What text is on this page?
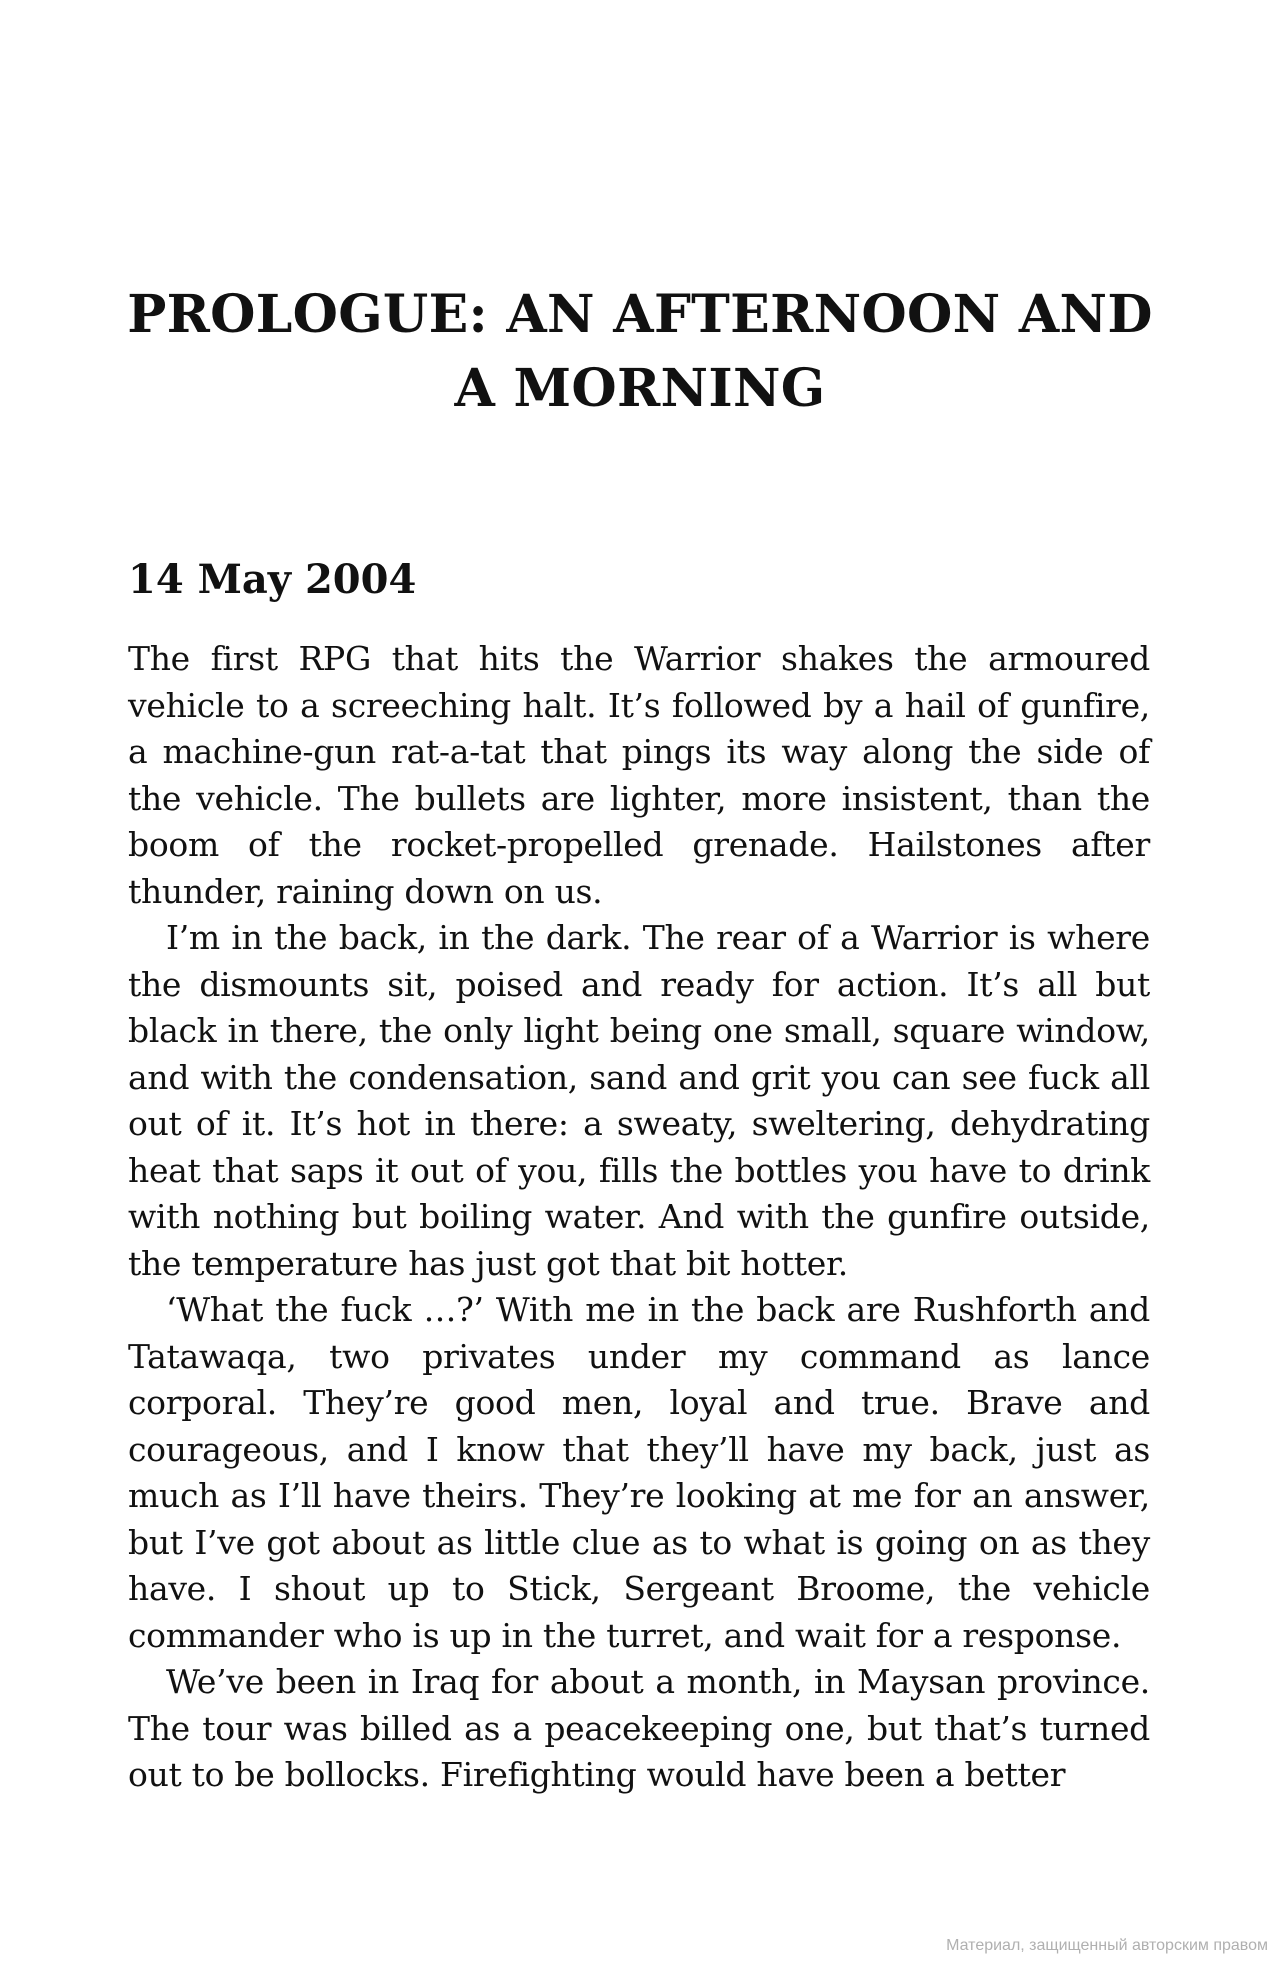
PROLOGUE: AN AFTERNOON AND A MORNING
14 May 2004

The first RPG that hits the Warrior shakes the armoured vehicle to a screeching halt. It’s followed by a hail of gunfire, a machine-gun rat-a-tat that pings its way along the side of the vehicle. The bullets are lighter, more insistent, than the boom of the rocket-propelled grenade. Hailstones after thunder, raining down on us.

I’m in the back, in the dark. The rear of a Warrior is where the dismounts sit, poised and ready for action. It’s all but black in there, the only light being one small, square window, and with the condensation, sand and grit you can see fuck all out of it. It’s hot in there: a sweaty, sweltering, dehydrating heat that saps it out of you, fills the bottles you have to drink with nothing but boiling water. And with the gunfire outside, the temperature has just got that bit hotter.

‘What the fuck …?’ With me in the back are Rushforth and Tatawaqa, two privates under my command as lance corporal. They’re good men, loyal and true. Brave and courageous, and I know that they’ll have my back, just as much as I’ll have theirs. They’re looking at me for an answer, but I’ve got about as little clue as to what is going on as they have. I shout up to Stick, Sergeant Broome, the vehicle commander who is up in the turret, and wait for a response.

We’ve been in Iraq for about a month, in Maysan province. The tour was billed as a peacekeeping one, but that’s turned out to be bollocks. Firefighting would have been a better

Материал, защищенный авторским правом
